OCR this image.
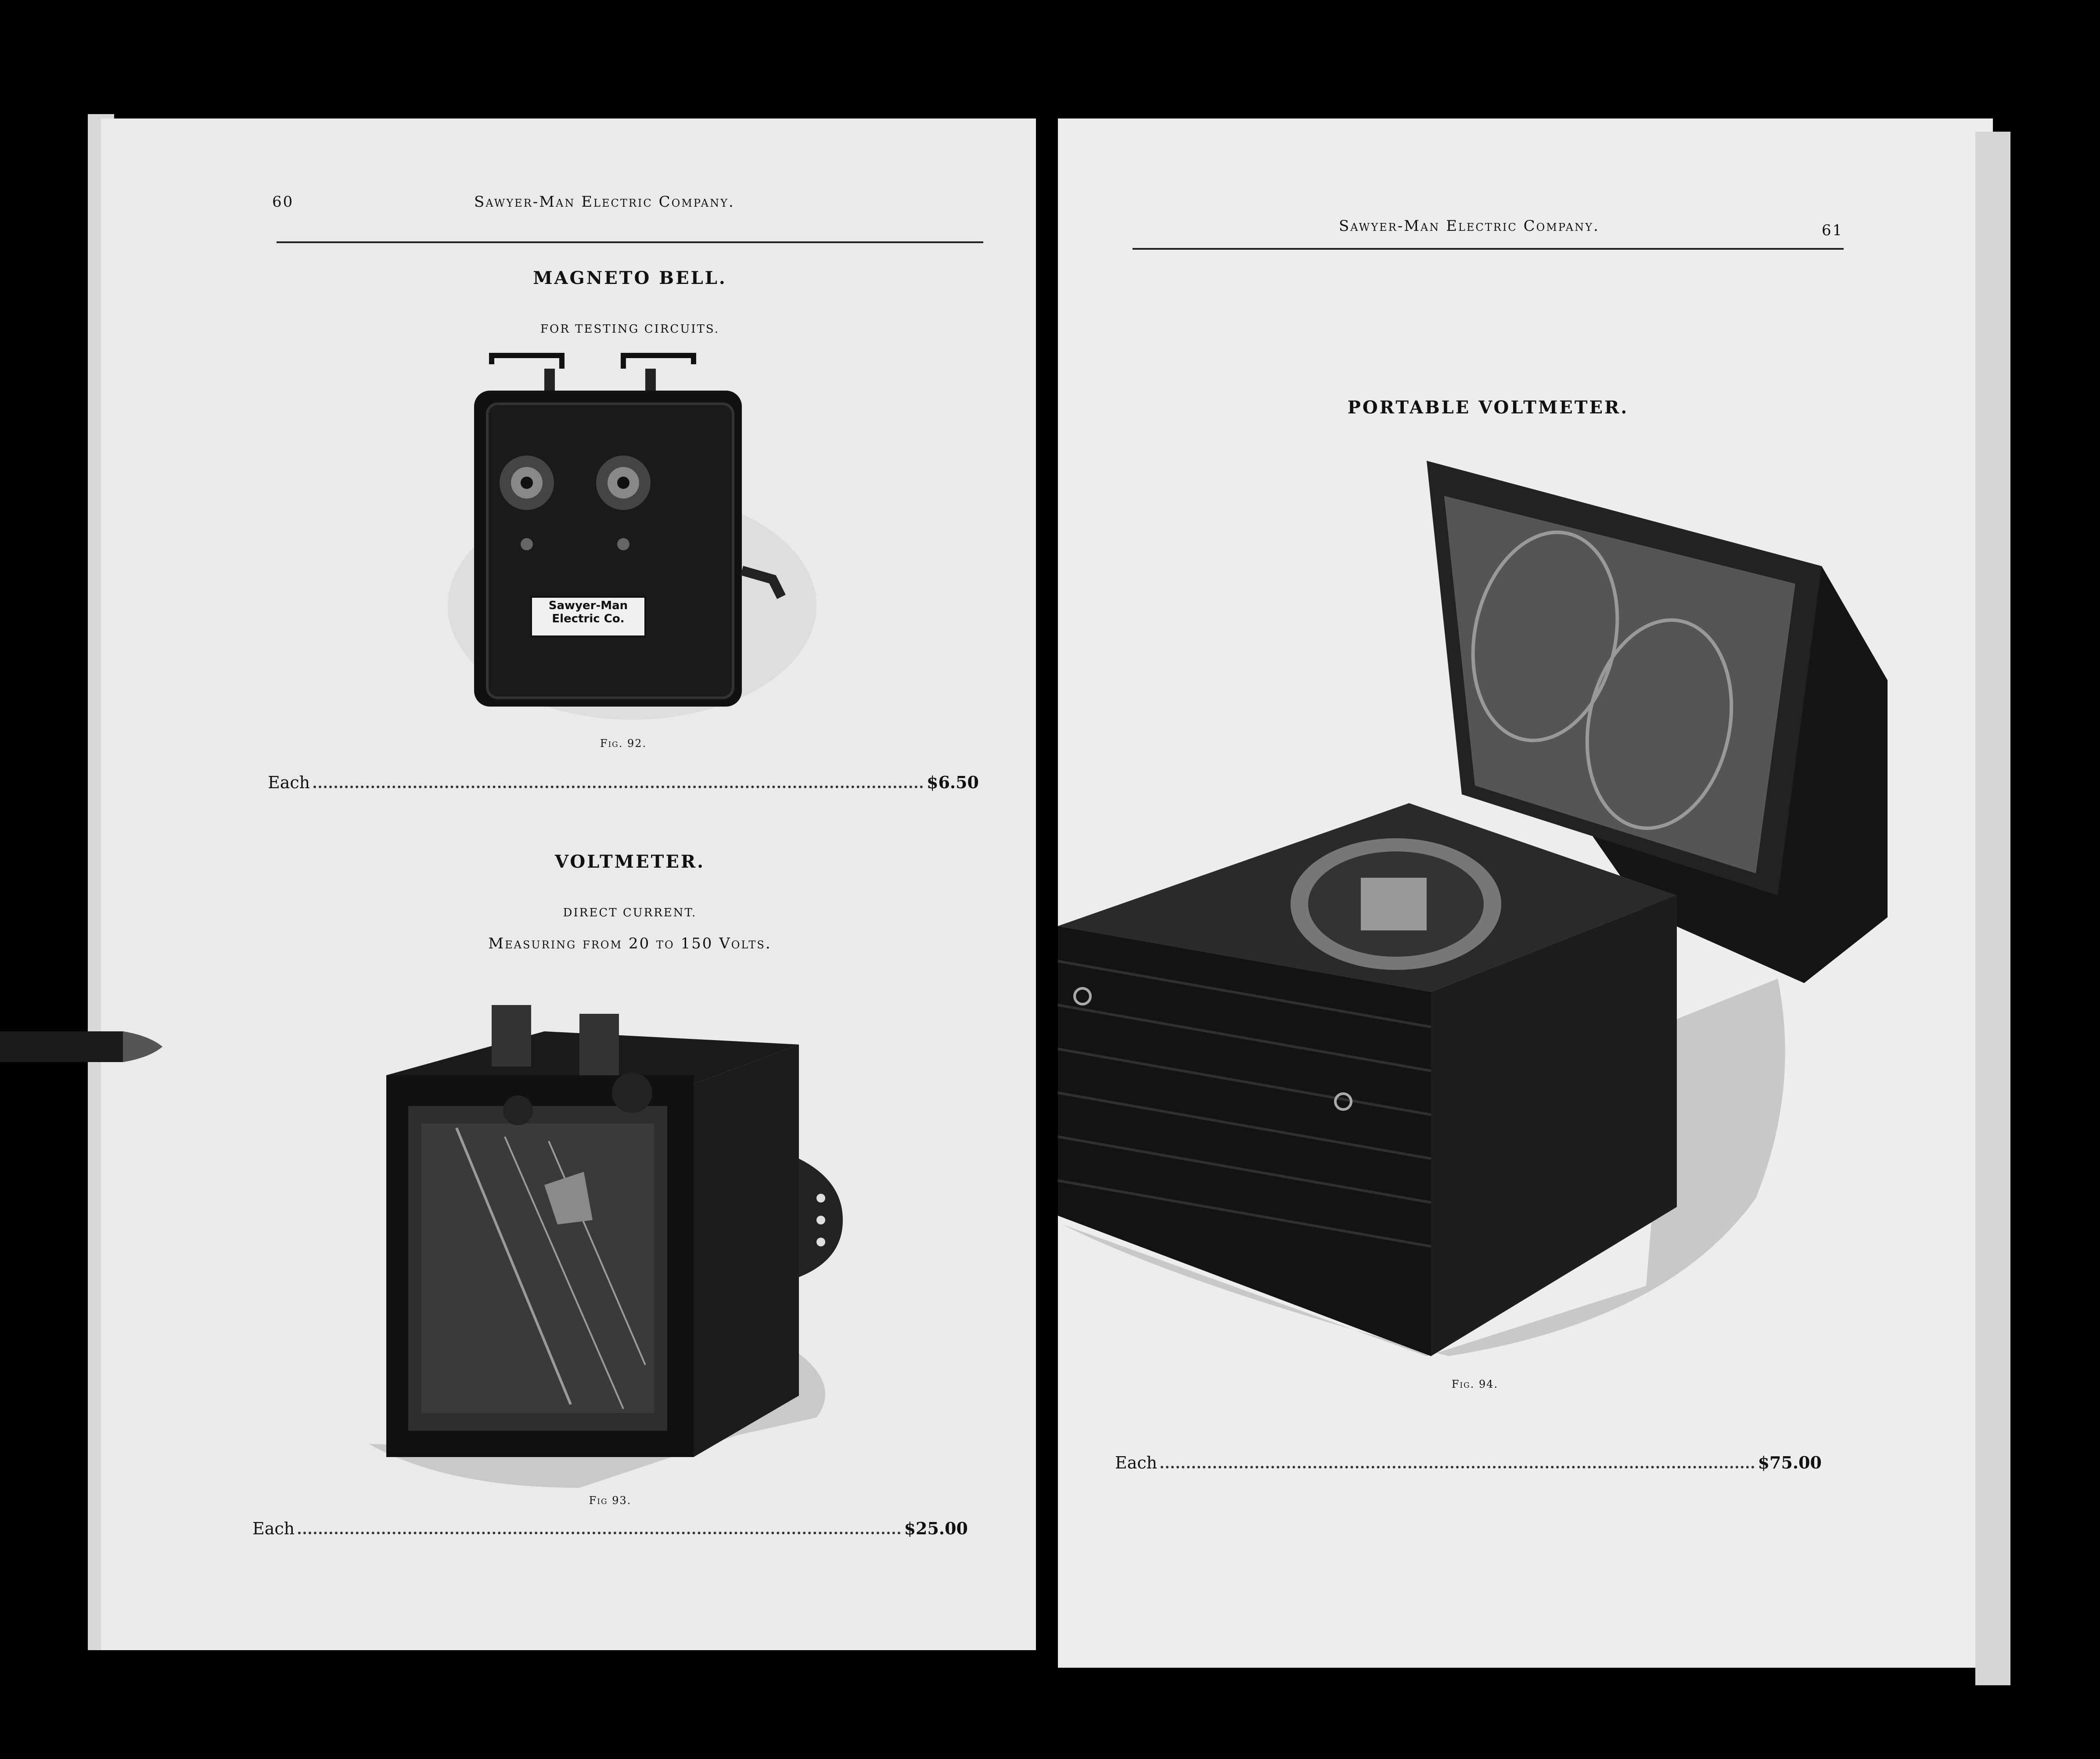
60	Sawyer-Man Electric Company.
MAGNETO BELL.
FOR TESTING CIRCUITS.
Sawyer-Man
Electric Co.
Fig. 92.
Each	$6.50
VOLTMETER.
DIRECT CURRENT.
Measuring from 20 to 150 Volts.
Fig 93.
Each	$25.00
Sawyer-Man Electric Company.	61
PORTABLE VOLTMETER.
Fig. 94.
Each	$75.00
